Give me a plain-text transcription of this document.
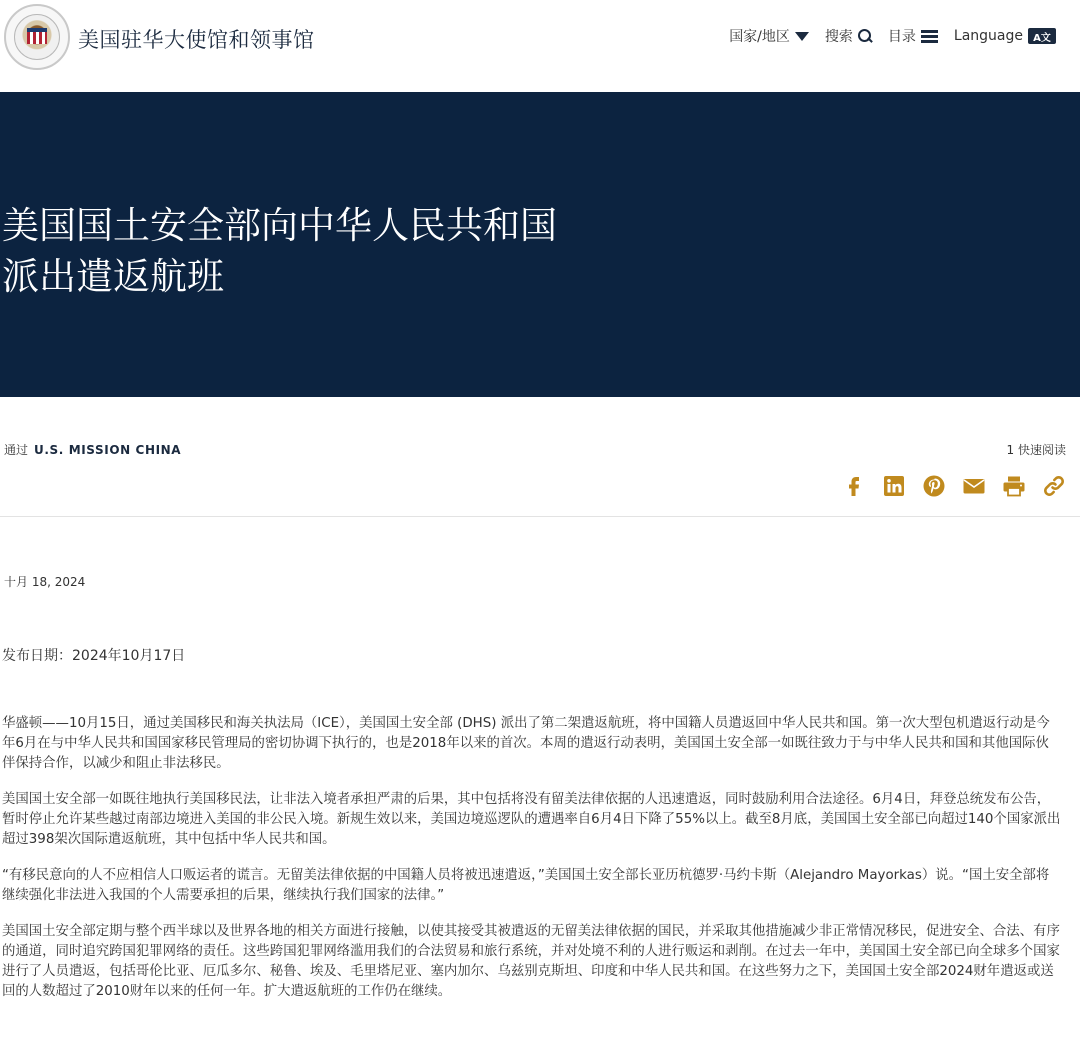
美国驻华大使馆和领事馆	国家/地区	搜索	目录	Language	A文
美国国土安全部向中华人民共和国
派出遣返航班
通过 U.S. MISSION CHINA	1 快速阅读
十月 18, 2024
发布日期：2024年10月17日

华盛顿——10月15日，通过美国移民和海关执法局（ICE），美国国土安全部 (DHS) 派出了第二架遣返航班，将中国籍人员遣返回中华人民共和国。第一次大型包机遣返行动是今年6月在与中华人民共和国国家移民管理局的密切协调下执行的，也是2018年以来的首次。本周的遣返行动表明，美国国土安全部一如既往致力于与中华人民共和国和其他国际伙伴保持合作，以减少和阻止非法移民。

美国国土安全部一如既往地执行美国移民法，让非法入境者承担严肃的后果，其中包括将没有留美法律依据的人迅速遣返，同时鼓励利用合法途径。6月4日，拜登总统发布公告，暂时停止允许某些越过南部边境进入美国的非公民入境。新规生效以来，美国边境巡逻队的遭遇率自6月4日下降了55%以上。截至8月底，美国国土安全部已向超过140个国家派出超过398架次国际遣返航班，其中包括中华人民共和国。

“有移民意向的人不应相信人口贩运者的谎言。无留美法律依据的中国籍人员将被迅速遣返，”美国国土安全部长亚历杭德罗·马约卡斯（Alejandro Mayorkas）说。“国土安全部将继续强化非法进入我国的个人需要承担的后果，继续执行我们国家的法律。”

美国国土安全部定期与整个西半球以及世界各地的相关方面进行接触，以使其接受其被遣返的无留美法律依据的国民，并采取其他措施减少非正常情况移民，促进安全、合法、有序的通道，同时追究跨国犯罪网络的责任。这些跨国犯罪网络滥用我们的合法贸易和旅行系统，并对处境不利的人进行贩运和剥削。在过去一年中，美国国土安全部已向全球多个国家进行了人员遣返，包括哥伦比亚、厄瓜多尔、秘鲁、埃及、毛里塔尼亚、塞内加尔、乌兹别克斯坦、印度和中华人民共和国。在这些努力之下，美国国土安全部2024财年遣返或送回的人数超过了2010财年以来的任何一年。扩大遣返航班的工作仍在继续。
